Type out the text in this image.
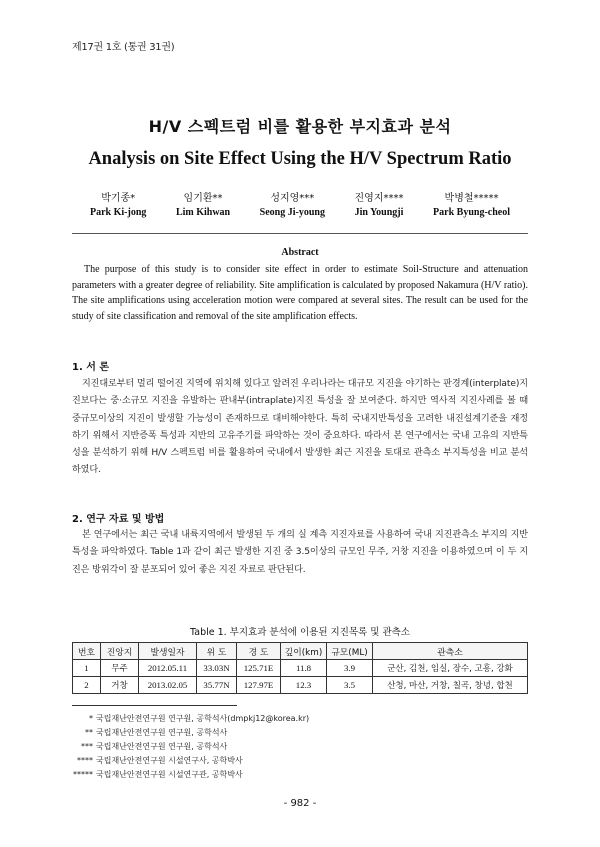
제17권 1호 (통권 31권)
H/V 스펙트럼 비를 활용한 부지효과 분석
Analysis on Site Effect Using the H/V Spectrum Ratio
박기종*
Park Ki-jong
임기환**
Lim Kihwan
성지영***
Seong Ji-young
진영지****
Jin Youngji
박병철*****
Park Byung-cheol
Abstract
The purpose of this study is to consider site effect in order to estimate Soil-Structure and attenuation parameters with a greater degree of reliability. Site amplification is calculated by proposed Nakamura (H/V ratio). The site amplifications using acceleration motion were compared at several sites. The result can be used for the study of site classification and removal of the site amplification effects.
1. 서 론
지진대로부터 멀리 떨어진 지역에 위치해 있다고 알려진 우리나라는 대규모 지진을 야기하는 판경계(interplate)지진보다는 중·소규모 지진을 유발하는 판내부(intraplate)지진 특성을 잘 보여준다. 하지만 역사적 지진사례를 볼 때 중규모이상의 지진이 발생할 가능성이 존재하므로 대비해야한다. 특히 국내지반특성을 고려한 내진설계기준을 재정하기 위해서 지반증폭 특성과 지반의 고유주기를 파악하는 것이 중요하다. 따라서 본 연구에서는 국내 고유의 지반특성을 분석하기 위해 H/V 스펙트럼 비를 활용하여 국내에서 발생한 최근 지진을 토대로 관측소 부지특성을 비교 분석하였다.
2. 연구 자료 및 방법
본 연구에서는 최근 국내 내륙지역에서 발생된 두 개의 실 계측 지진자료를 사용하여 국내 지진관측소 부지의 지반특성을 파악하였다. Table 1과 같이 최근 발생한 지진 중 3.5이상의 규모인 무주, 거창 지진을 이용하였으며 이 두 지진은 방위각이 잘 분포되어 있어 좋은 지진 자료로 판단된다.
Table 1. 부지효과 분석에 이용된 지진목록 및 관측소
번호	진앙지	발생일자	위 도	경 도	깊이(km)	규모(ML)	관측소
1	무주	2012.05.11	33.03N	125.71E	11.8	3.9	군산, 김천, 임실, 장수, 고흥, 강화
2	거창	2013.02.05	35.77N	127.97E	12.3	3.5	산청, 마산, 거창, 칠곡, 창녕, 합천
* 국립재난안전연구원 연구원, 공학석사(dmpkj12@korea.kr)
** 국립재난안전연구원 연구원, 공학석사
*** 국립재난안전연구원 연구원, 공학석사
**** 국립재난안전연구원 시설연구사, 공학박사
***** 국립재난안전연구원 시설연구관, 공학박사
- 982 -
